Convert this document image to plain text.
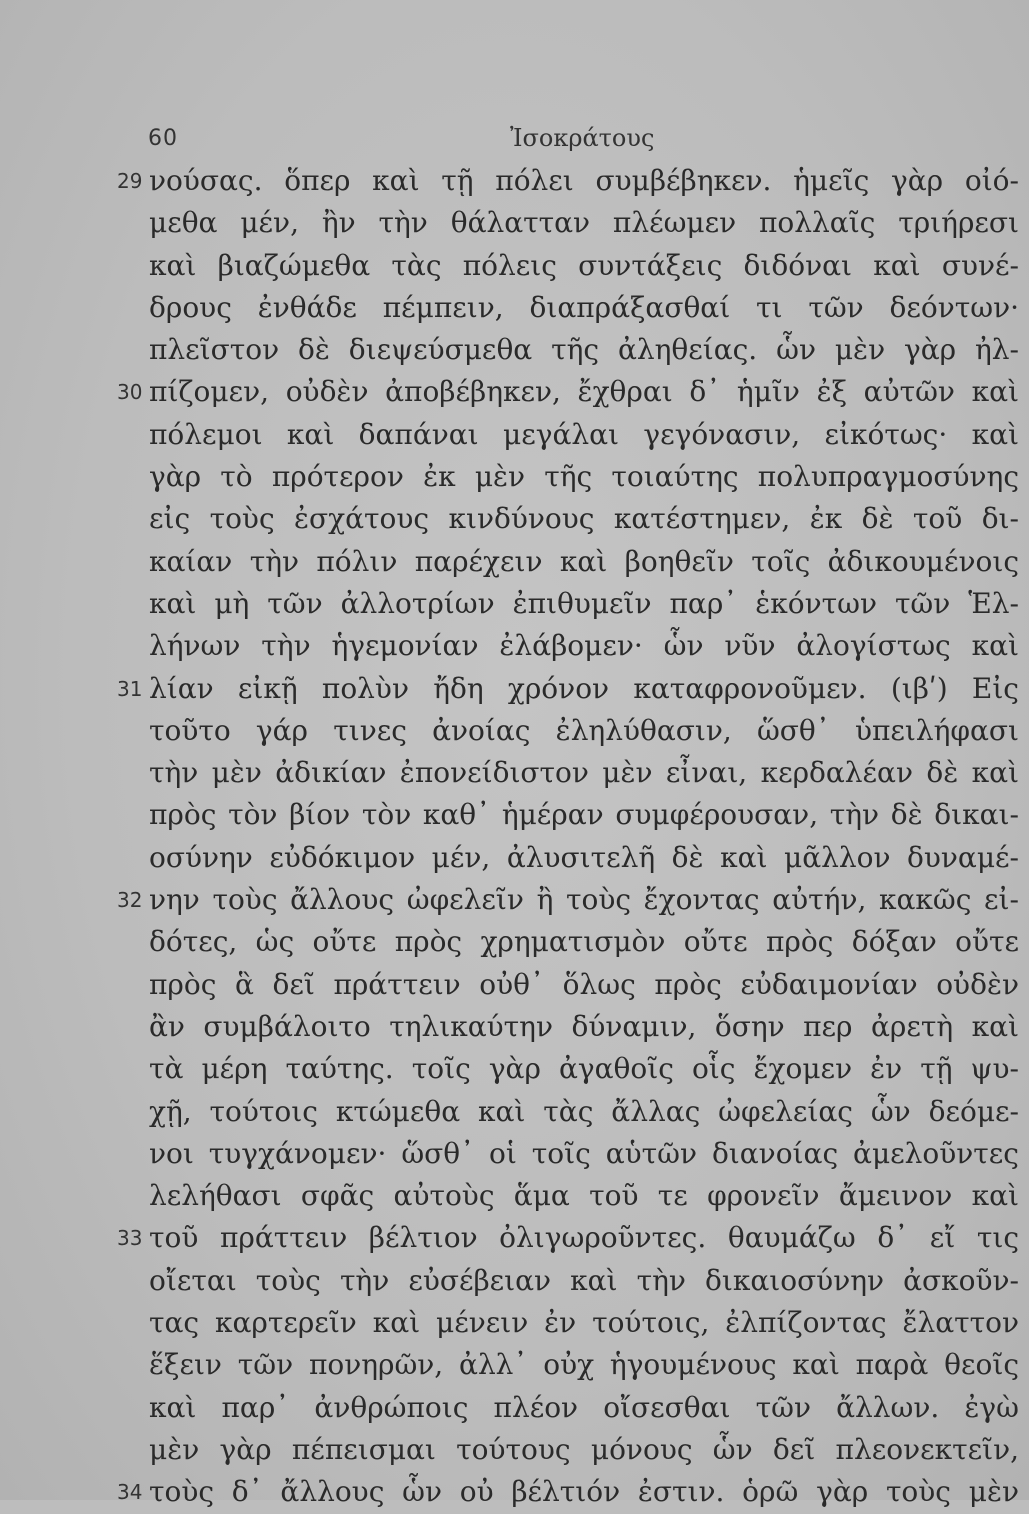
60	Ἰσοκράτους
29 νούσας. ὅπερ καὶ τῇ πόλει συμβέβηκεν. ἡμεῖς γὰρ οἰό-
μεθα μέν, ἢν τὴν θάλατταν πλέωμεν πολλαῖς τριήρεσι
καὶ βιαζώμεθα τὰς πόλεις συντάξεις διδόναι καὶ συνέ-
δρους ἐνθάδε πέμπειν, διαπράξασθαί τι τῶν δεόντων·
πλεῖστον δὲ διεψεύσμεθα τῆς ἀληθείας. ὧν μὲν γὰρ ἠλ-
30 πίζομεν, οὐδὲν ἀποβέβηκεν, ἔχθραι δ᾽ ἡμῖν ἐξ αὐτῶν καὶ
πόλεμοι καὶ δαπάναι μεγάλαι γεγόνασιν, εἰκότως· καὶ
γὰρ τὸ πρότερον ἐκ μὲν τῆς τοιαύτης πολυπραγμοσύνης
εἰς τοὺς ἐσχάτους κινδύνους κατέστημεν, ἐκ δὲ τοῦ δι-
καίαν τὴν πόλιν παρέχειν καὶ βοηθεῖν τοῖς ἀδικουμένοις
καὶ μὴ τῶν ἀλλοτρίων ἐπιθυμεῖν παρ᾽ ἑκόντων τῶν Ἑλ-
λήνων τὴν ἡγεμονίαν ἐλάβομεν· ὧν νῦν ἀλογίστως καὶ
31 λίαν εἰκῇ πολὺν ἤδη χρόνον καταφρονοῦμεν. (ιβʹ) Εἰς
τοῦτο γάρ τινες ἀνοίας ἐληλύθασιν, ὥσθ᾽ ὑπειλήφασι
τὴν μὲν ἀδικίαν ἐπονείδιστον μὲν εἶναι, κερδαλέαν δὲ καὶ
πρὸς τὸν βίον τὸν καθ᾽ ἡμέραν συμφέρουσαν, τὴν δὲ δικαι-
οσύνην εὐδόκιμον μέν, ἀλυσιτελῆ δὲ καὶ μᾶλλον δυναμέ-
32 νην τοὺς ἄλλους ὠφελεῖν ἢ τοὺς ἔχοντας αὐτήν, κακῶς εἰ-
δότες, ὡς οὔτε πρὸς χρηματισμὸν οὔτε πρὸς δόξαν οὔτε
πρὸς ἃ δεῖ πράττειν οὐθ᾽ ὅλως πρὸς εὐδαιμονίαν οὐδὲν
ἂν συμβάλοιτο τηλικαύτην δύναμιν, ὅσην περ ἀρετὴ καὶ
τὰ μέρη ταύτης. τοῖς γὰρ ἀγαθοῖς οἷς ἔχομεν ἐν τῇ ψυ-
χῇ, τούτοις κτώμεθα καὶ τὰς ἄλλας ὠφελείας ὧν δεόμε-
νοι τυγχάνομεν· ὥσθ᾽ οἱ τοῖς αὑτῶν διανοίας ἀμελοῦντες
λελήθασι σφᾶς αὐτοὺς ἅμα τοῦ τε φρονεῖν ἄμεινον καὶ
33 τοῦ πράττειν βέλτιον ὀλιγωροῦντες. θαυμάζω δ᾽ εἴ τις
οἴεται τοὺς τὴν εὐσέβειαν καὶ τὴν δικαιοσύνην ἀσκοῦν-
τας καρτερεῖν καὶ μένειν ἐν τούτοις, ἐλπίζοντας ἔλαττον
ἕξειν τῶν πονηρῶν, ἀλλ᾽ οὐχ ἡγουμένους καὶ παρὰ θεοῖς
καὶ παρ᾽ ἀνθρώποις πλέον οἴσεσθαι τῶν ἄλλων. ἐγὼ
μὲν γὰρ πέπεισμαι τούτους μόνους ὧν δεῖ πλεονεκτεῖν,
34 τοὺς δ᾽ ἄλλους ὧν οὐ βέλτιόν ἐστιν. ὁρῶ γὰρ τοὺς μὲν
